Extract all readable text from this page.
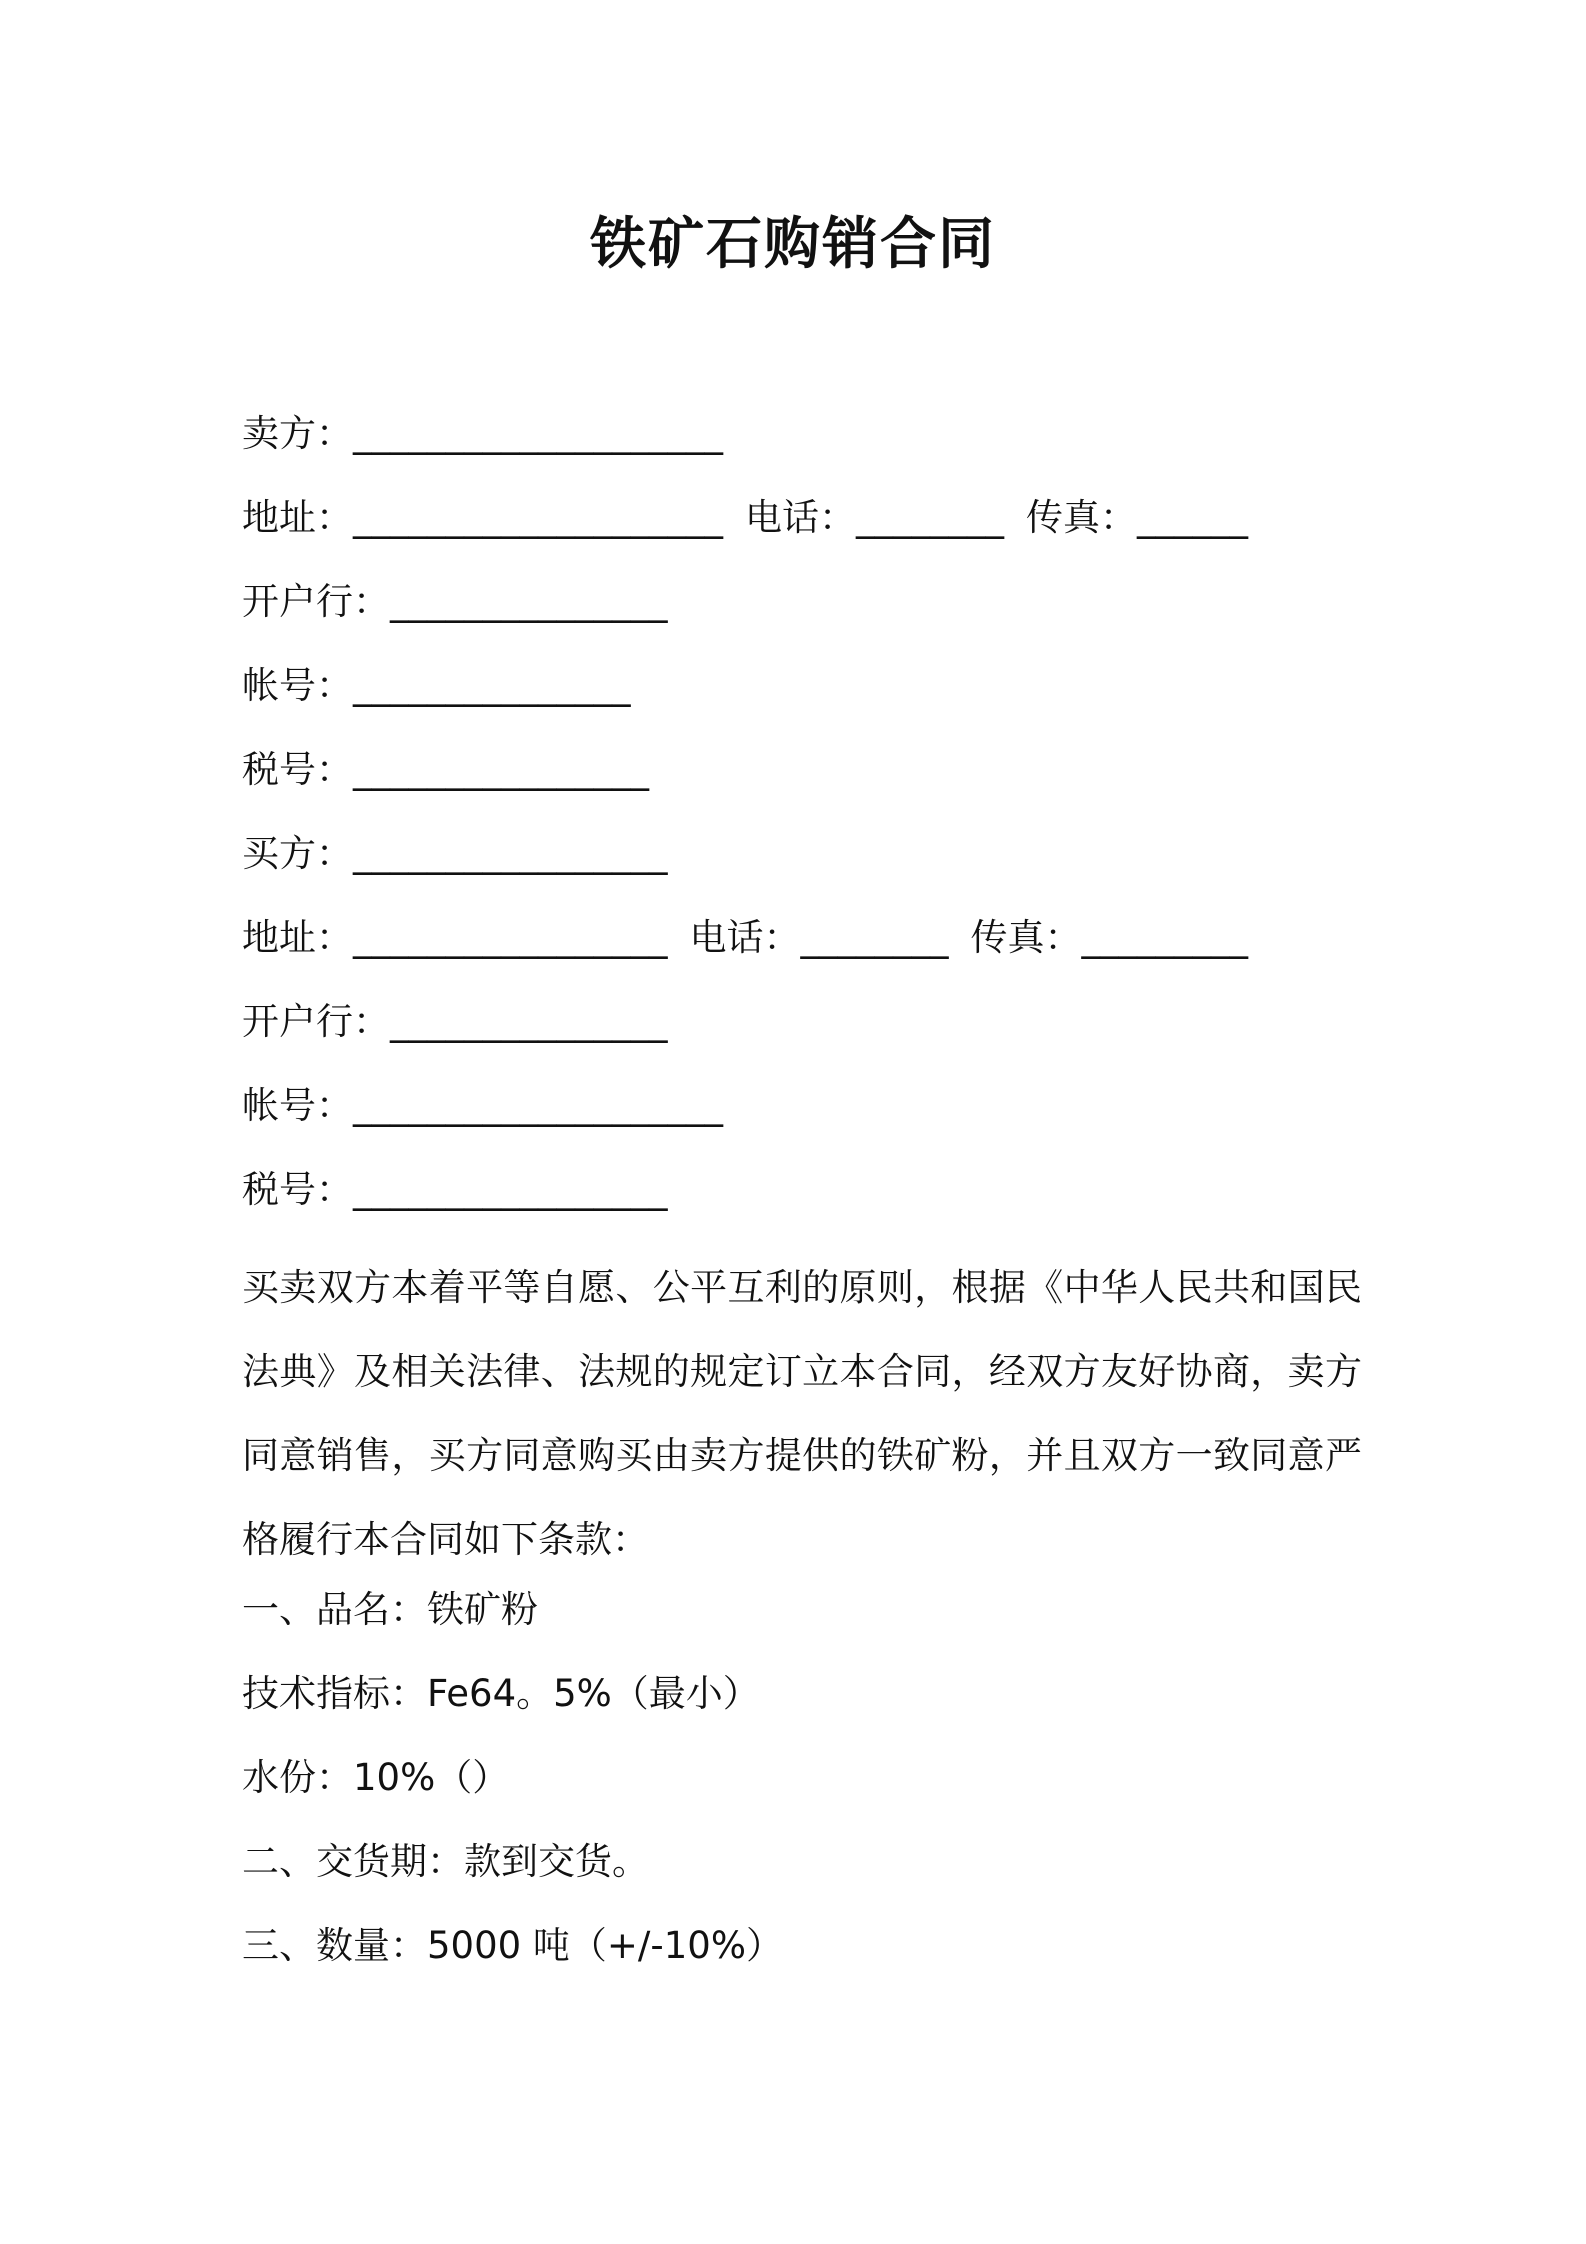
铁矿石购销合同
卖方：____________________
地址：____________________ 电话：________ 传真：______
开户行：_______________
帐号：_______________
税号：________________
买方：_________________
地址：_________________ 电话：________ 传真：_________
开户行：_______________
帐号：____________________
税号：_________________

买卖双方本着平等自愿、公平互利的原则，根据《中华人民共和国民法典》及相关法律、法规的规定订立本合同，经双方友好协商，卖方同意销售，买方同意购买由卖方提供的铁矿粉，并且双方一致同意严格履行本合同如下条款：

一、品名：铁矿粉
技术指标：Fe64。5%（最小）
水份：10%（）
二、交货期：款到交货。
三、数量：5000 吨（+/-10%）
